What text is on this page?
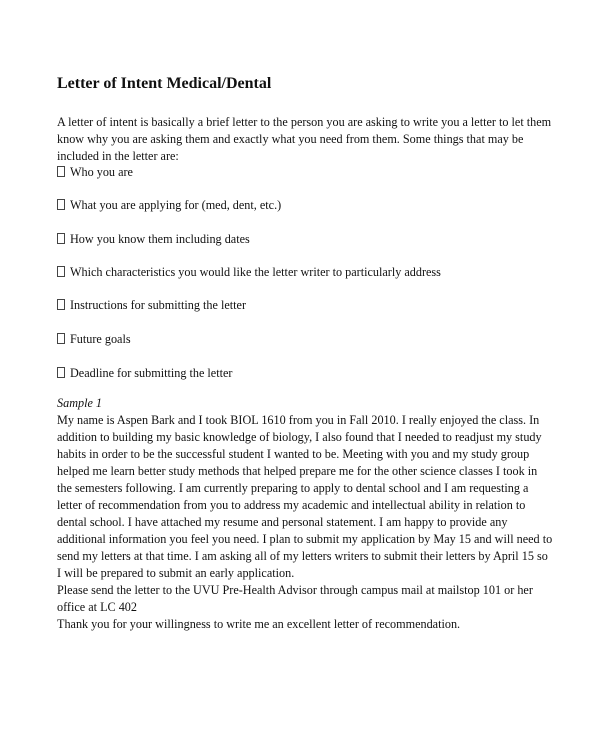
Letter of Intent Medical/Dental
A letter of intent is basically a brief letter to the person you are asking to write you a letter to let them
know why you are asking them and exactly what you need from them. Some things that may be
included in the letter are:
Who you are
What you are applying for (med, dent, etc.)
How you know them including dates
Which characteristics you would like the letter writer to particularly address
Instructions for submitting the letter
Future goals
Deadline for submitting the letter
Sample 1
My name is Aspen Bark and I took BIOL 1610 from you in Fall 2010. I really enjoyed the class. In
addition to building my basic knowledge of biology, I also found that I needed to readjust my study
habits in order to be the successful student I wanted to be. Meeting with you and my study group
helped me learn better study methods that helped prepare me for the other science classes I took in
the semesters following. I am currently preparing to apply to dental school and I am requesting a
letter of recommendation from you to address my academic and intellectual ability in relation to
dental school. I have attached my resume and personal statement. I am happy to provide any
additional information you feel you need. I plan to submit my application by May 15 and will need to
send my letters at that time. I am asking all of my letters writers to submit their letters by April 15 so
I will be prepared to submit an early application.
Please send the letter to the UVU Pre-Health Advisor through campus mail at mailstop 101 or her
office at LC 402
Thank you for your willingness to write me an excellent letter of recommendation.
